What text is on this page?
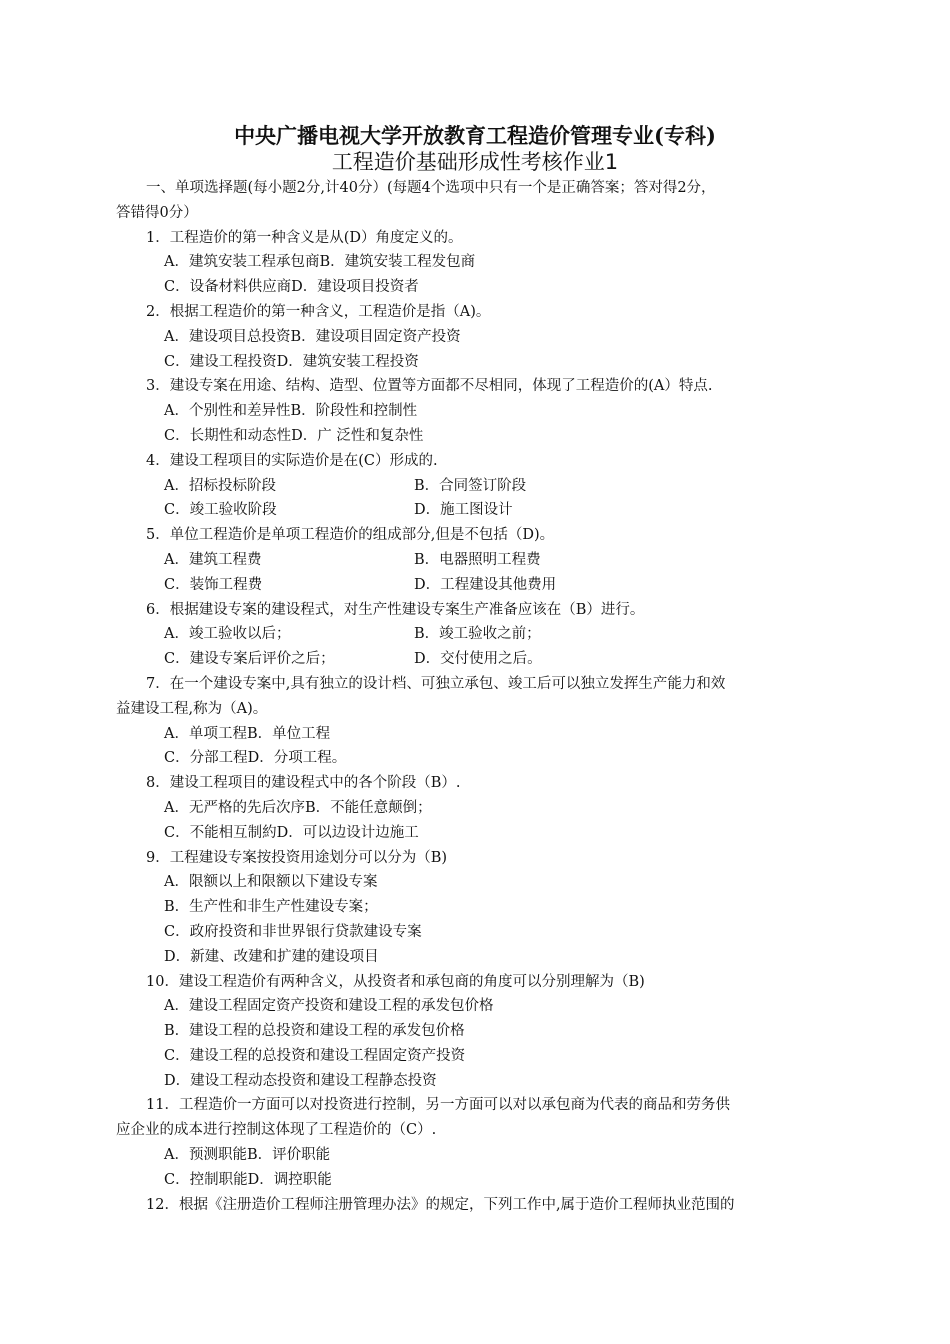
中央广播电视大学开放教育工程造价管理专业(专科)
工程造价基础形成性考核作业1
一、单项选择题(每小题2分,计40分）(每题4个选项中只有一个是正确答案；答对得2分，
答错得0分）
1．工程造价的第一种含义是从(D）角度定义的。
A．建筑安装工程承包商B．建筑安装工程发包商
C．设备材料供应商D．建设项目投资者
2．根据工程造价的第一种含义，工程造价是指（A)。
A．建设项目总投资B．建设项目固定资产投资
C．建设工程投资D．建筑安装工程投资
3．建设专案在用途、结构、造型、位置等方面都不尽相同，体现了工程造价的(A）特点.
A．个别性和差异性B．阶段性和控制性
C．长期性和动态性D．广 泛性和复杂性
4．建设工程项目的实际造价是在(C）形成的.
A．招标投标阶段	B．合同签订阶段
C．竣工验收阶段	D．施工图设计
5．单位工程造价是单项工程造价的组成部分,但是不包括（D)。
A．建筑工程费	B．电器照明工程费
C．装饰工程费	D．工程建设其他费用
6．根据建设专案的建设程式，对生产性建设专案生产准备应该在（B）进行。
A．竣工验收以后；	B．竣工验收之前；
C．建设专案后评价之后；	D．交付使用之后。
7．在一个建设专案中,具有独立的设计档、可独立承包、竣工后可以独立发挥生产能力和效
益建设工程,称为（A)。
A．单项工程B．单位工程
C．分部工程D．分项工程。
8．建设工程项目的建设程式中的各个阶段（B）.
A．无严格的先后次序B．不能任意颠倒；
C．不能相互制約D．可以边设计边施工
9．工程建设专案按投资用途划分可以分为（B)
A．限额以上和限额以下建设专案
B．生产性和非生产性建设专案；
C．政府投资和非世界银行贷款建设专案
D．新建、改建和扩建的建设项目
10．建设工程造价有两种含义，从投资者和承包商的角度可以分别理解为（B)
A．建设工程固定资产投资和建设工程的承发包价格
B．建设工程的总投资和建设工程的承发包价格
C．建设工程的总投资和建设工程固定资产投资
D．建设工程动态投资和建设工程静态投资
11．工程造价一方面可以对投资进行控制，另一方面可以对以承包商为代表的商品和劳务供
应企业的成本进行控制这体现了工程造价的（C）.
A．预测职能B．评价职能
C．控制职能D．调控职能
12．根据《注册造价工程师注册管理办法》的规定，下列工作中,属于造价工程师执业范围的
